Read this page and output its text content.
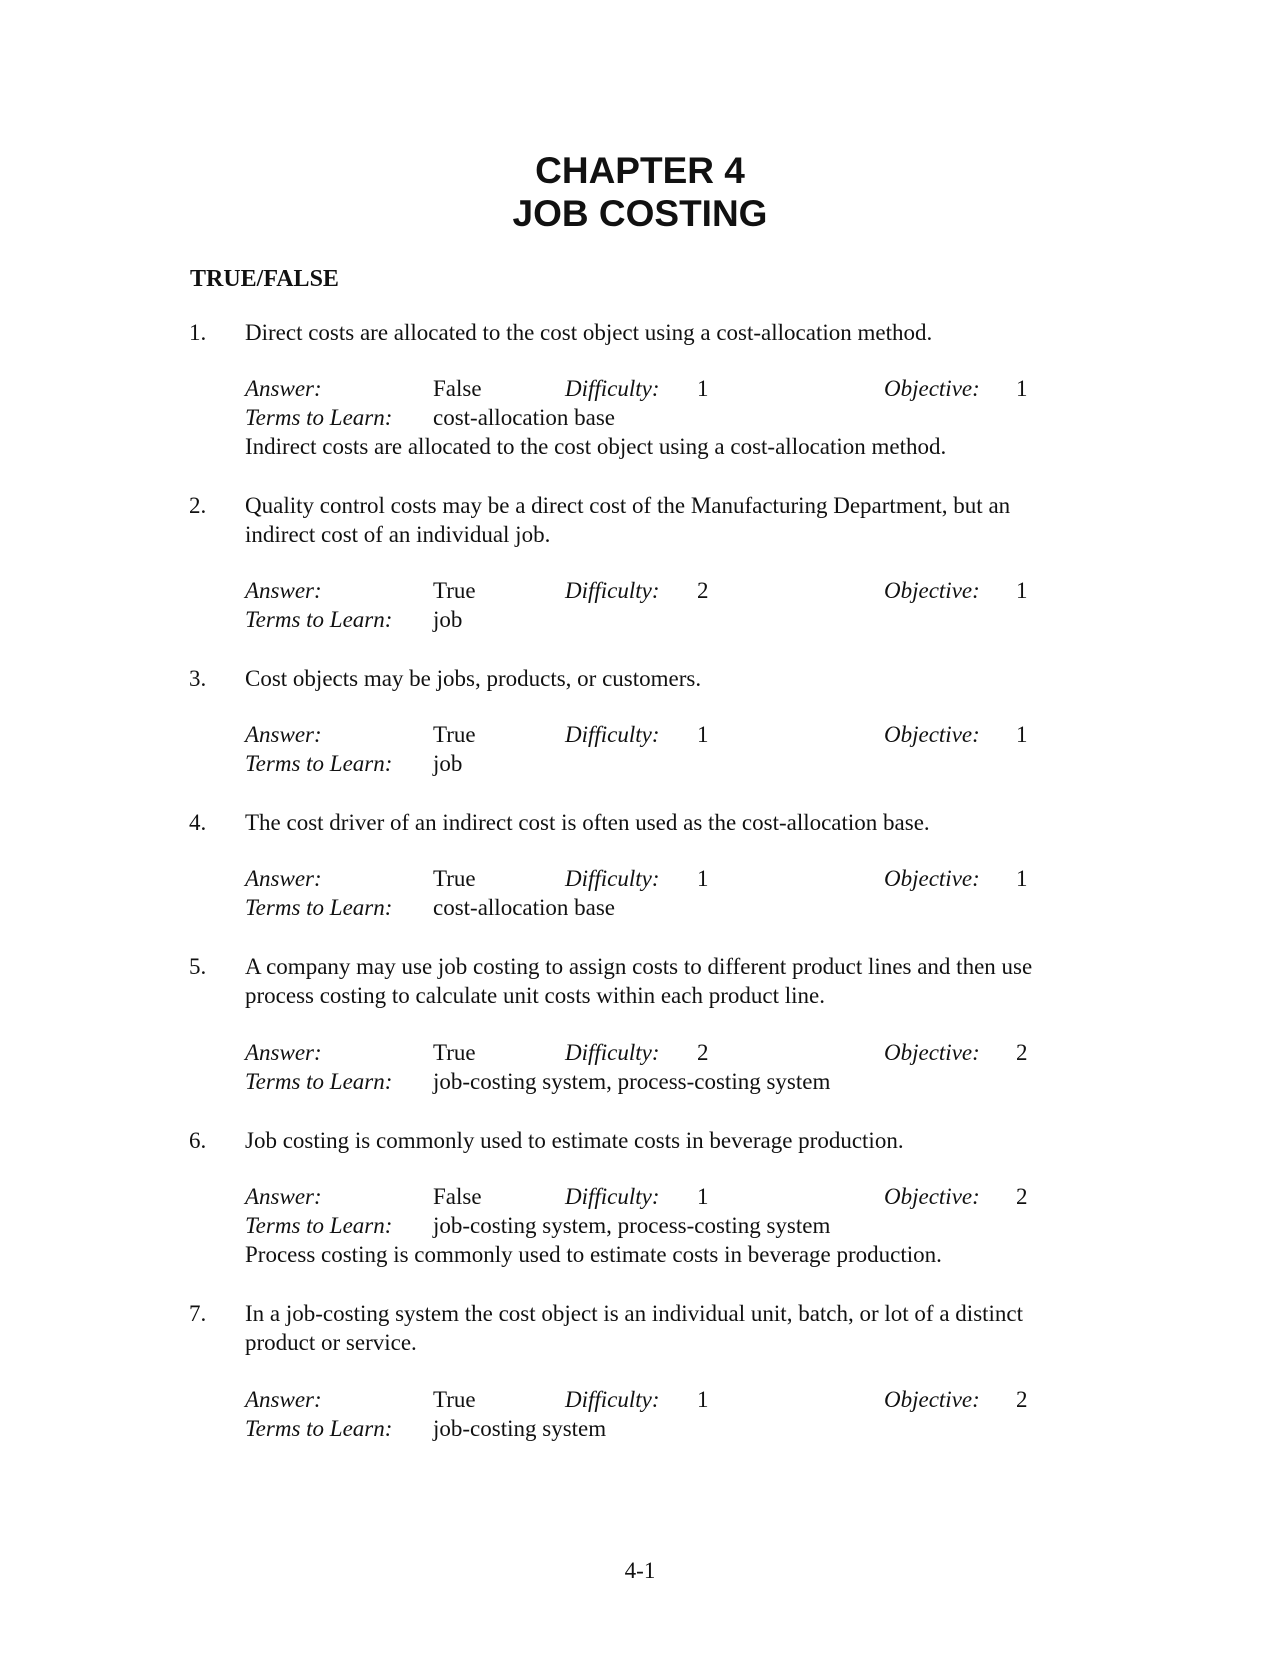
CHAPTER 4
JOB COSTING
TRUE/FALSE
1. Direct costs are allocated to the cost object using a cost-allocation method.
Answer:	False	Difficulty: 1	Objective: 1
Terms to Learn: cost-allocation base
Indirect costs are allocated to the cost object using a cost-allocation method.
2. Quality control costs may be a direct cost of the Manufacturing Department, but an indirect cost of an individual job.
Answer:	True	Difficulty: 2	Objective: 1
Terms to Learn: job
3. Cost objects may be jobs, products, or customers.
Answer:	True	Difficulty: 1	Objective: 1
Terms to Learn: job
4. The cost driver of an indirect cost is often used as the cost-allocation base.
Answer:	True	Difficulty: 1	Objective: 1
Terms to Learn: cost-allocation base
5. A company may use job costing to assign costs to different product lines and then use process costing to calculate unit costs within each product line.
Answer:	True	Difficulty: 2	Objective: 2
Terms to Learn: job-costing system, process-costing system
6. Job costing is commonly used to estimate costs in beverage production.
Answer:	False	Difficulty: 1	Objective: 2
Terms to Learn: job-costing system, process-costing system
Process costing is commonly used to estimate costs in beverage production.
7. In a job-costing system the cost object is an individual unit, batch, or lot of a distinct product or service.
Answer:	True	Difficulty: 1	Objective: 2
Terms to Learn: job-costing system
4-1
